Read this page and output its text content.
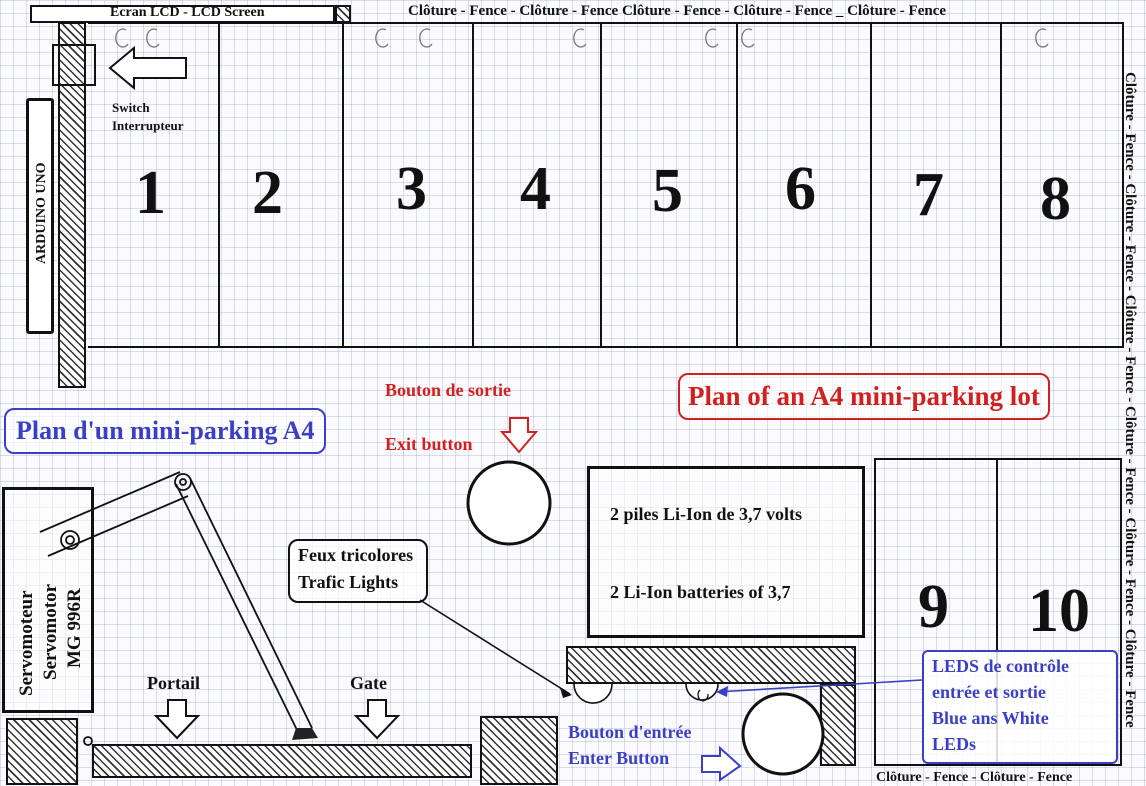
Ecran LCD - LCD Screen	Clôture - Fence - Clôture - Fence Clôture - Fence - Clôture - Fence _ Clôture - Fence
Clôture - Fence - Clôture - Fence - Clôture - Fence - Clôture - Fence - Clôture - Fence - Clôture - Fence
Clôture - Fence - Clôture - Fence
1 2 3 4 5 6 7 8
ARDUINO UNO
Switch
Interrupteur
Plan d'un mini-parking A4
Plan of an A4 mini-parking lot
Bouton de sortie
Exit button
2 piles Li-Ion de 3,7 volts
2 Li-Ion batteries of 3,7 9 10
Feux tricolores
Trafic Lights
Servomoteur Servomotor MG 996R
Portail	Gate
Bouton d'entrée
Enter Button
LEDS de contrôle
entrée et sortie
Blue ans White
LEDs
